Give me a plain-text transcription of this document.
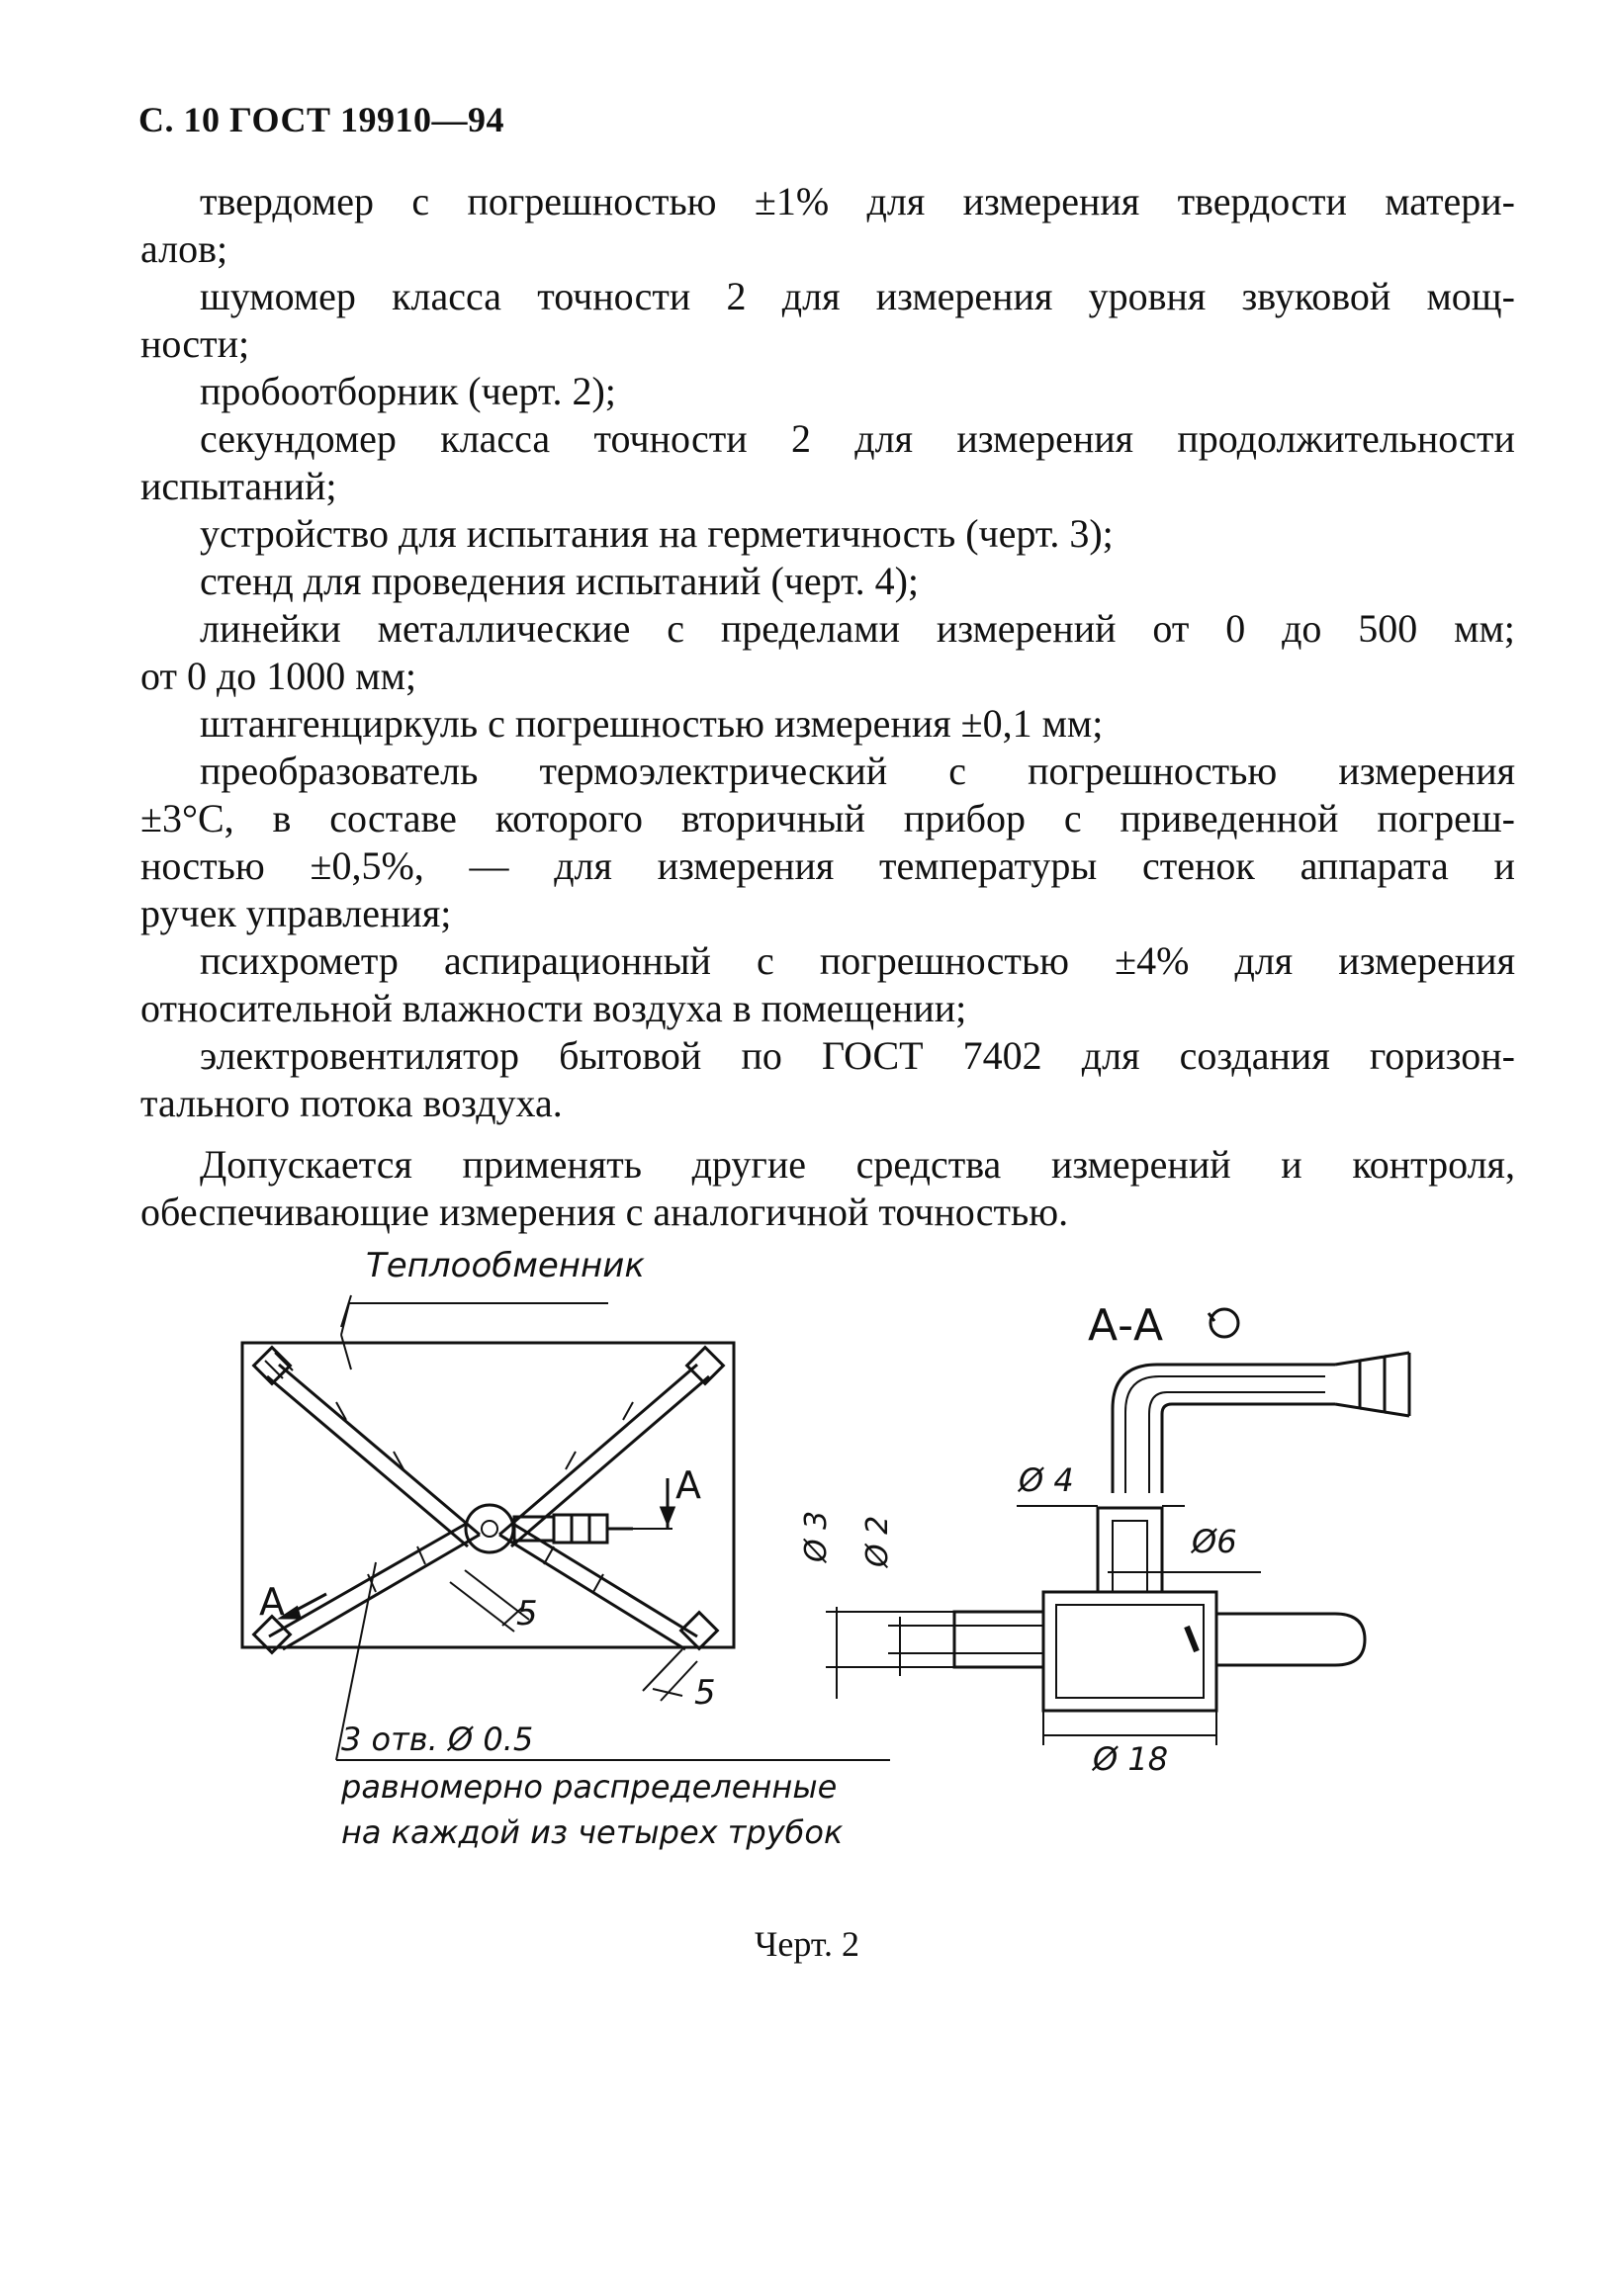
С. 10 ГОСТ 19910—94
твердомер с погрешностью ±1% для измерения твердости матери-
алов;
шумомер класса точности 2 для измерения уровня звуковой мощ-
ности;
пробоотборник (черт. 2);
секундомер класса точности 2 для измерения продолжительности
испытаний;
устройство для испытания на герметичность (черт. 3);
стенд для проведения испытаний (черт. 4);
линейки металлические с пределами измерений от 0 до 500 мм;
от 0 до 1000 мм;
штангенциркуль с погрешностью измерения ±0,1 мм;
преобразователь термоэлектрический с погрешностью измерения
±3°С, в составе которого вторичный прибор с приведенной погреш-
ностью ±0,5%, — для измерения температуры стенок аппарата и
ручек управления;
психрометр аспирационный с погрешностью ±4% для измерения
относительной влажности воздуха в помещении;
электровентилятор бытовой по ГОСТ 7402 для создания горизон-
тального потока воздуха.
Допускается применять другие средства измерений и контроля,
обеспечивающие измерения с аналогичной точностью.
Теплообменник
А-А
А
А	5
5
Ø 4
Ø6
Ø 3 Ø 2
Ø 18
3 отв. Ø 0.5
равномерно распределенные
на каждой из четырех трубок
Черт. 2
